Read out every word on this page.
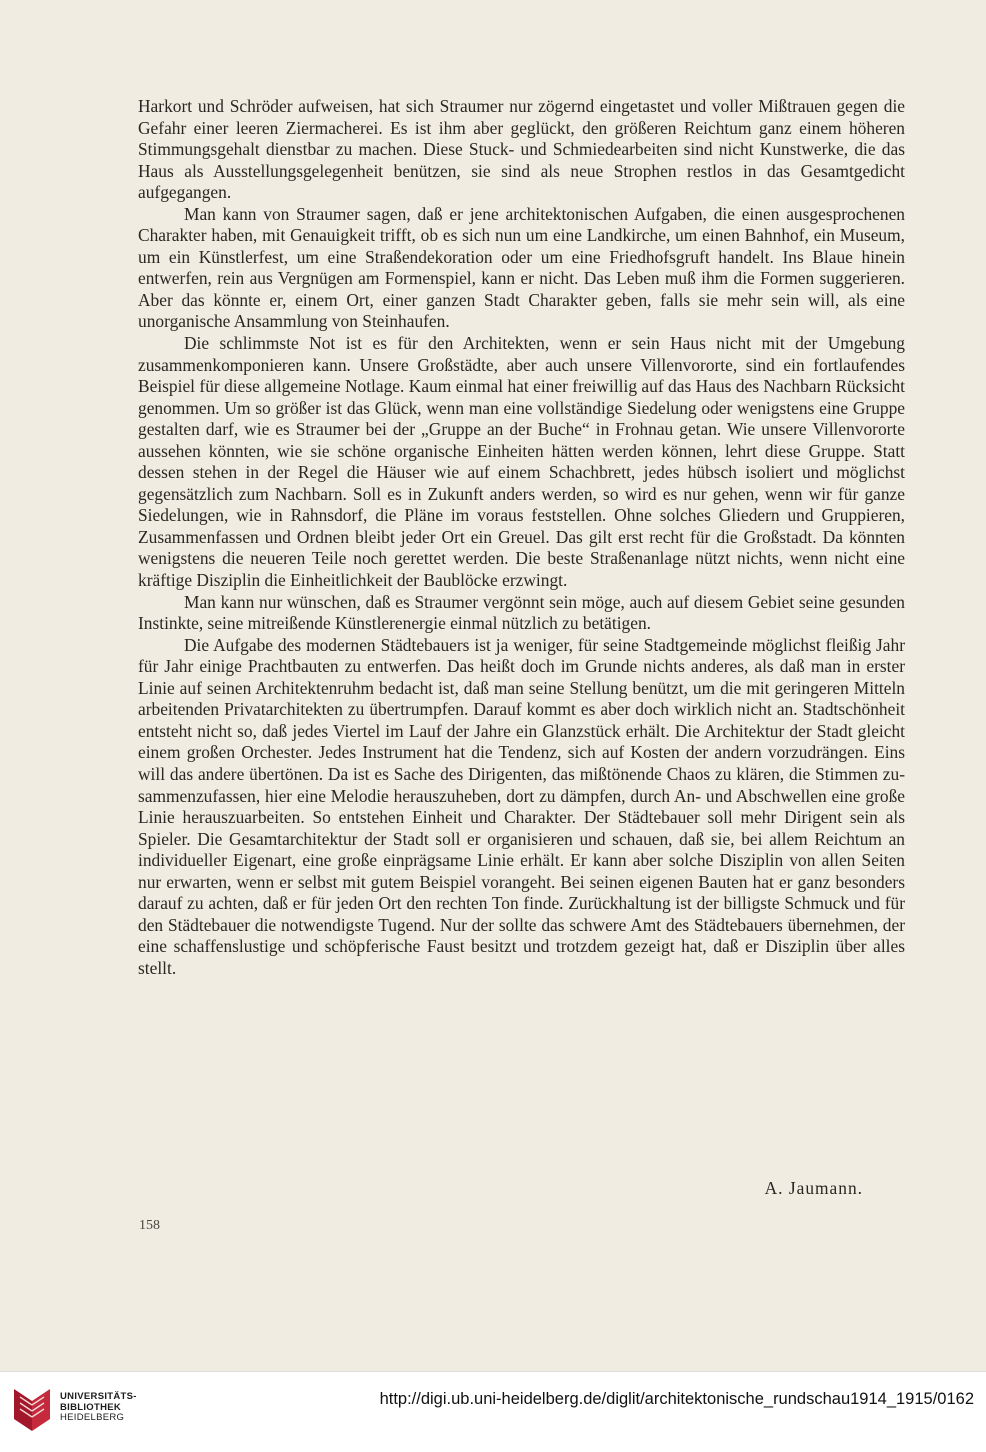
Harkort und Schröder aufweisen, hat sich Straumer nur zögernd eingetastet und voller Mißtrauen gegen die Gefahr einer leeren Ziermacherei. Es ist ihm aber geglückt, den größeren Reichtum ganz einem höheren Stimmungsgehalt dienstbar zu machen. Diese Stuck- und Schmiedearbeiten sind nicht Kunstwerke, die das Haus als Ausstellungsgelegenheit benützen, sie sind als neue Strophen restlos in das Gesamtgedicht aufgegangen.

Man kann von Straumer sagen, daß er jene architektonischen Aufgaben, die einen ausgesprochenen Charakter haben, mit Genauigkeit trifft, ob es sich nun um eine Landkirche, um einen Bahnhof, ein Museum, um ein Künstlerfest, um eine Straßendekoration oder um eine Friedhofsgruft handelt. Ins Blaue hinein entwerfen, rein aus Vergnügen am Formenspiel, kann er nicht. Das Leben muß ihm die Formen suggerieren. Aber das könnte er, einem Ort, einer ganzen Stadt Charakter geben, falls sie mehr sein will, als eine unorganische Ansammlung von Steinhaufen.

Die schlimmste Not ist es für den Architekten, wenn er sein Haus nicht mit der Umgebung zusammenkomponieren kann. Unsere Großstädte, aber auch unsere Villenvororte, sind ein fortlaufendes Beispiel für diese allgemeine Notlage. Kaum einmal hat einer freiwillig auf das Haus des Nachbarn Rücksicht genommen. Um so größer ist das Glück, wenn man eine vollständige Siedelung oder wenigstens eine Gruppe gestalten darf, wie es Straumer bei der „Gruppe an der Buche“ in Frohnau getan. Wie unsere Villenvororte aussehen könnten, wie sie schöne organische Einheiten hätten werden können, lehrt diese Gruppe. Statt dessen stehen in der Regel die Häuser wie auf einem Schachbrett, jedes hübsch isoliert und möglichst gegensätzlich zum Nachbarn. Soll es in Zukunft anders werden, so wird es nur gehen, wenn wir für ganze Siedelungen, wie in Rahnsdorf, die Pläne im voraus feststellen. Ohne solches Gliedern und Gruppieren, Zusammenfassen und Ordnen bleibt jeder Ort ein Greuel. Das gilt erst recht für die Großstadt. Da könnten wenigstens die neueren Teile noch gerettet werden. Die beste Straßenanlage nützt nichts, wenn nicht eine kräftige Disziplin die Einheitlichkeit der Baublöcke erzwingt.

Man kann nur wünschen, daß es Straumer vergönnt sein möge, auch auf diesem Gebiet seine gesunden Instinkte, seine mitreißende Künstlerenergie einmal nützlich zu betätigen.

Die Aufgabe des modernen Städtebauers ist ja weniger, für seine Stadtgemeinde möglichst fleißig Jahr für Jahr einige Prachtbauten zu entwerfen. Das heißt doch im Grunde nichts anderes, als daß man in erster Linie auf seinen Architektenruhm bedacht ist, daß man seine Stellung benützt, um die mit geringeren Mitteln arbeitenden Privatarchitekten zu übertrumpfen. Darauf kommt es aber doch wirklich nicht an. Stadtschönheit entsteht nicht so, daß jedes Viertel im Lauf der Jahre ein Glanzstück erhält. Die Architektur der Stadt gleicht einem großen Orchester. Jedes Instrument hat die Tendenz, sich auf Kosten der andern vorzudrängen. Eins will das andere übertönen. Da ist es Sache des Dirigenten, das mißtönende Chaos zu klären, die Stimmen zusammenzufassen, hier eine Melodie herauszuheben, dort zu dämpfen, durch An- und Abschwellen eine große Linie herauszuarbeiten. So entstehen Einheit und Charakter. Der Städtebauer soll mehr Dirigent sein als Spieler. Die Gesamtarchitektur der Stadt soll er organisieren und schauen, daß sie, bei allem Reichtum an individueller Eigenart, eine große einprägsame Linie erhält. Er kann aber solche Disziplin von allen Seiten nur erwarten, wenn er selbst mit gutem Beispiel vorangeht. Bei seinen eigenen Bauten hat er ganz besonders darauf zu achten, daß er für jeden Ort den rechten Ton finde. Zurückhaltung ist der billigste Schmuck und für den Städtebauer die notwendigste Tugend. Nur der sollte das schwere Amt des Städtebauers übernehmen, der eine schaffenslustige und schöpferische Faust besitzt und trotzdem gezeigt hat, daß er Disziplin über alles stellt.

A. Jaumann.
158
UNIVERSITÄTS-
BIBLIOTHEK
HEIDELBERG
http://digi.ub.uni-heidelberg.de/diglit/architektonische_rundschau1914_1915/0162
